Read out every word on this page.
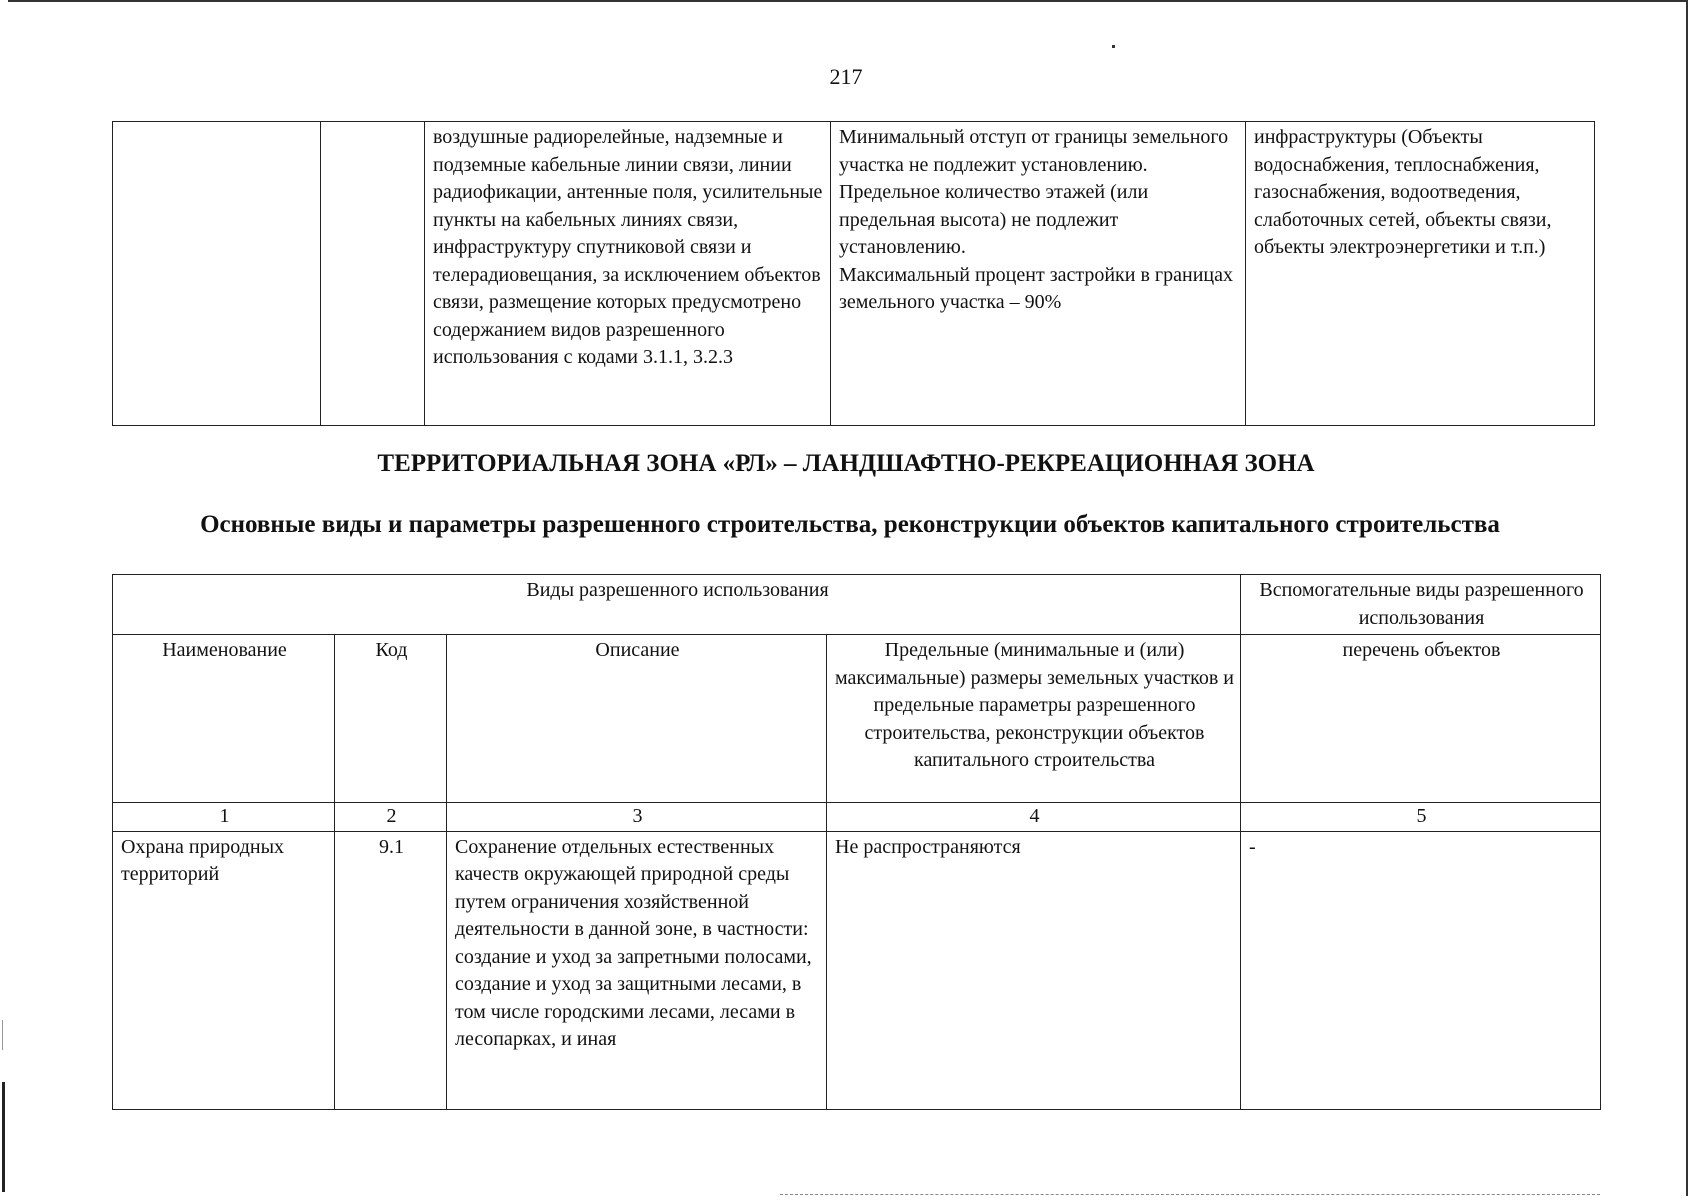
217
		воздушные радиорелейные, надземные и подземные кабельные линии связи, линии радиофикации, антенные поля, усилительные пункты на кабельных линиях связи, инфраструктуру спутниковой связи и телерадиовещания, за исключением объектов связи, размещение которых предусмотрено содержанием видов разрешенного использования с кодами 3.1.1, 3.2.3	Минимальный отступ от границы земельного участка не подлежит установлению.
Предельное количество этажей (или предельная высота) не подлежит установлению.
Максимальный процент застройки в границах земельного участка – 90%	инфраструктуры (Объекты водоснабжения, теплоснабжения, газоснабжения, водоотведения, слаботочных сетей, объекты связи, объекты электроэнергетики и т.п.)
ТЕРРИТОРИАЛЬНАЯ ЗОНА «РЛ» – ЛАНДШАФТНО-РЕКРЕАЦИОННАЯ ЗОНА
Основные виды и параметры разрешенного строительства, реконструкции объектов капитального строительства
Виды разрешенного использования				Вспомогательные виды разрешенного использования
Наименование	Код	Описание	Предельные (минимальные и (или) максимальные) размеры земельных участков и предельные параметры разрешенного строительства, реконструкции объектов капитального строительства	перечень объектов
1	2	3	4	5
Охрана природных территорий	9.1	Сохранение отдельных естественных качеств окружающей природной среды путем ограничения хозяйственной деятельности в данной зоне, в частности: создание и уход за запретными полосами, создание и уход за защитными лесами, в том числе городскими лесами, лесами в лесопарках, и иная	Не распространяются	-
